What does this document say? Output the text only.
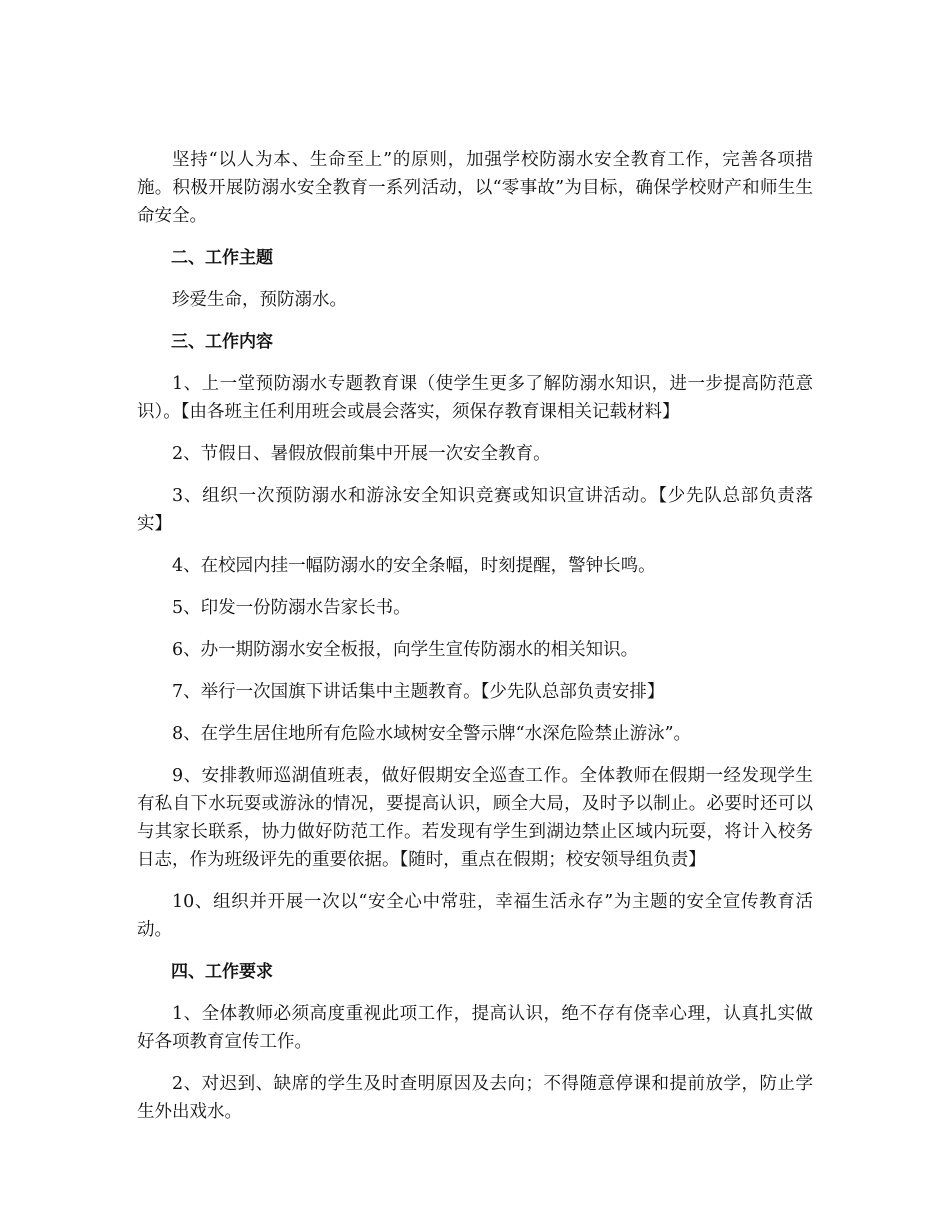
坚持“以人为本、生命至上”的原则，加强学校防溺水安全教育工作，完善各项措施。积极开展防溺水安全教育一系列活动，以“零事故”为目标，确保学校财产和师生生命安全。

二、工作主题

珍爱生命，预防溺水。

三、工作内容

1、上一堂预防溺水专题教育课（使学生更多了解防溺水知识，进一步提高防范意识）。【由各班主任利用班会或晨会落实，须保存教育课相关记载材料】

2、节假日、暑假放假前集中开展一次安全教育。

3、组织一次预防溺水和游泳安全知识竞赛或知识宣讲活动。【少先队总部负责落实】

4、在校园内挂一幅防溺水的安全条幅，时刻提醒，警钟长鸣。

5、印发一份防溺水告家长书。

6、办一期防溺水安全板报，向学生宣传防溺水的相关知识。

7、举行一次国旗下讲话集中主题教育。【少先队总部负责安排】

8、在学生居住地所有危险水域树安全警示牌“水深危险禁止游泳”。

9、安排教师巡湖值班表，做好假期安全巡查工作。全体教师在假期一经发现学生有私自下水玩耍或游泳的情况，要提高认识，顾全大局，及时予以制止。必要时还可以与其家长联系，协力做好防范工作。若发现有学生到湖边禁止区域内玩耍，将计入校务日志，作为班级评先的重要依据。【随时，重点在假期；校安领导组负责】

10、组织并开展一次以“安全心中常驻，幸福生活永存”为主题的安全宣传教育活动。

四、工作要求

1、全体教师必须高度重视此项工作，提高认识，绝不存有侥幸心理，认真扎实做好各项教育宣传工作。

2、对迟到、缺席的学生及时查明原因及去向；不得随意停课和提前放学，防止学生外出戏水。
